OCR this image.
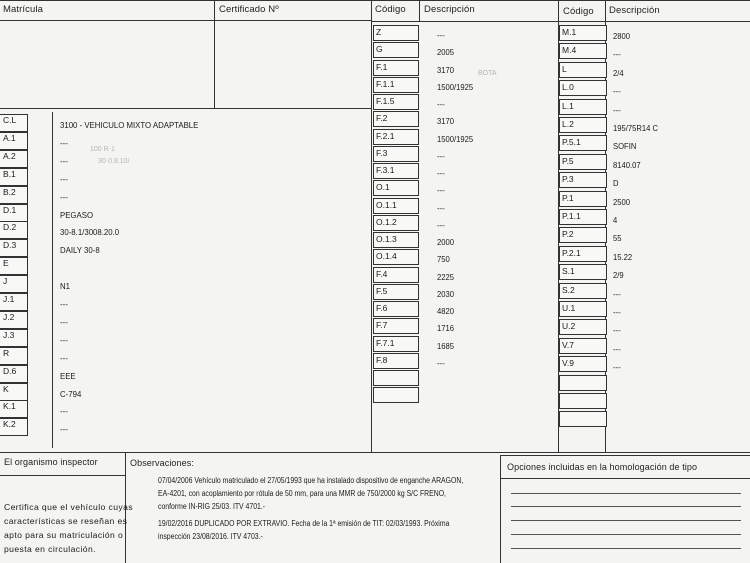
Matrícula	Certificado Nº	Código Descripción	Código Descripción
C.L	3100 - VEHICULO MIXTO ADAPTABLE
A.1	---
A.2	---
B.1	---
B.2	---
D.1	PEGASO
D.2	30-8.1/3008.20.0
D.3	DAILY 30-8
E
J	N1
J.1	---
J.2	---
J.3	---
R	---
D.6	EEE
K	C-794
K.1	---
K.2	---
Z	---
G	2005
F.1	3170
F.1.1	1500/1925
F.1.5	---
F.2	3170
F.2.1	1500/1925
F.3	---
F.3.1	---
O.1	---
O.1.1	---
O.1.2	---
O.1.3	2000
O.1.4	750
F.4	2225
F.5	2030
F.6	4820
F.7	1716
F.7.1	1685
F.8	---
M.1	2800
M.4	---
L	2/4
L.0	---
L.1	---
L.2	195/75R14 C
P.5.1	SOFIN
P.5	8140.07
P.3	D
P.1	2500
P.1.1	4
P.2	55
P.2.1	15.22
S.1	2/9
S.2	---
U.1	---
U.2	---
V.7	---
V.9	---
El organismo inspector	Observaciones:
Certifica que el vehículo cuyas
características se reseñan es
apto para su matriculación o
puesta en circulación.
07/04/2006 Vehículo matriculado el 27/05/1993 que ha instalado dispositivo de enganche ARAGON,
EA-4201, con acoplamiento por rótula de 50 mm, para una MMR de 750/2000 kg S/C FRENO,
conforme IN-RIG 25/03. ITV 4701.-
19/02/2016 DUPLICADO POR EXTRAVIO. Fecha de la 1ª emisión de TIT: 02/03/1993. Próxima
inspección 23/08/2016. ITV 4703.-
Opciones incluidas en la homologación de tipo
30·0.8.10/
BOTA
100 R·1
